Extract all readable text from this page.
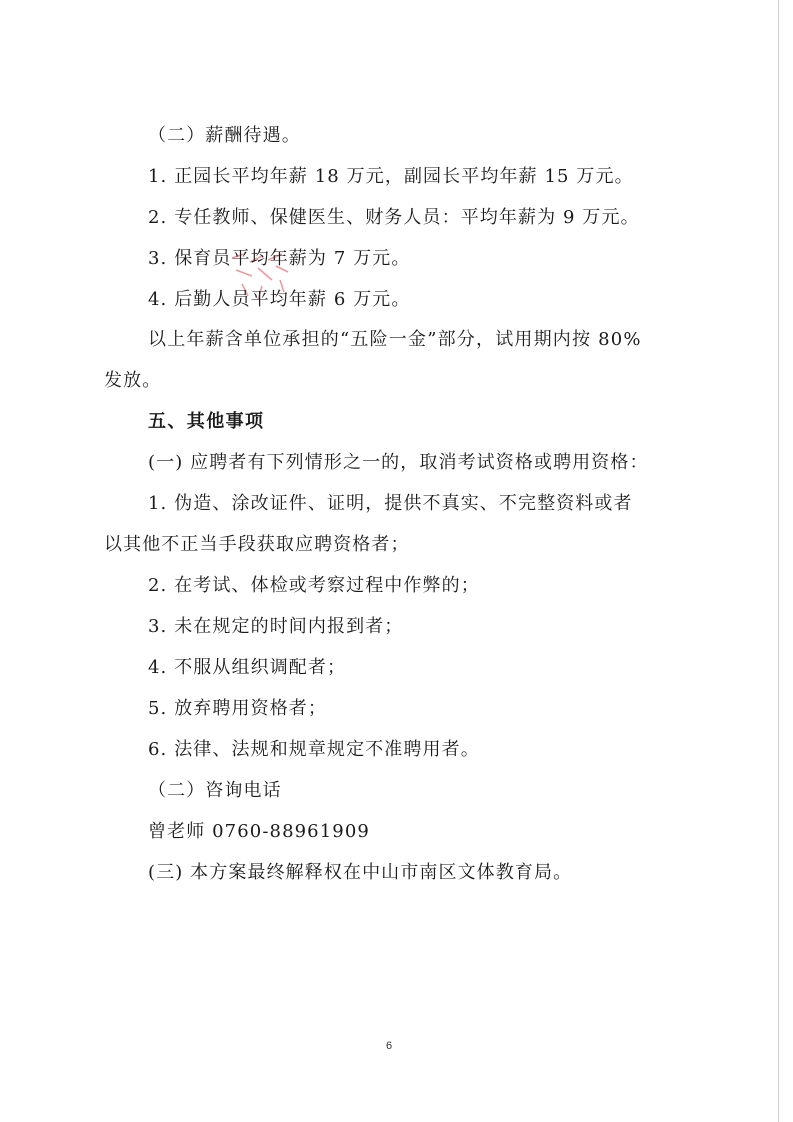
（二）薪酬待遇。

1. 正园长平均年薪 18 万元，副园长平均年薪 15 万元。

2. 专任教师、保健医生、财务人员：平均年薪为 9 万元。

3. 保育员平均年薪为 7 万元。

4. 后勤人员平均年薪 6 万元。

以上年薪含单位承担的“五险一金”部分，试用期内按 80%

发放。

五、其他事项

(一) 应聘者有下列情形之一的，取消考试资格或聘用资格：

1. 伪造、涂改证件、证明，提供不真实、不完整资料或者

以其他不正当手段获取应聘资格者；

2. 在考试、体检或考察过程中作弊的；

3. 未在规定的时间内报到者；

4. 不服从组织调配者；

5. 放弃聘用资格者；

6. 法律、法规和规章规定不准聘用者。

（二）咨询电话

曾老师 0760-88961909

(三) 本方案最终解释权在中山市南区文体教育局。

6
